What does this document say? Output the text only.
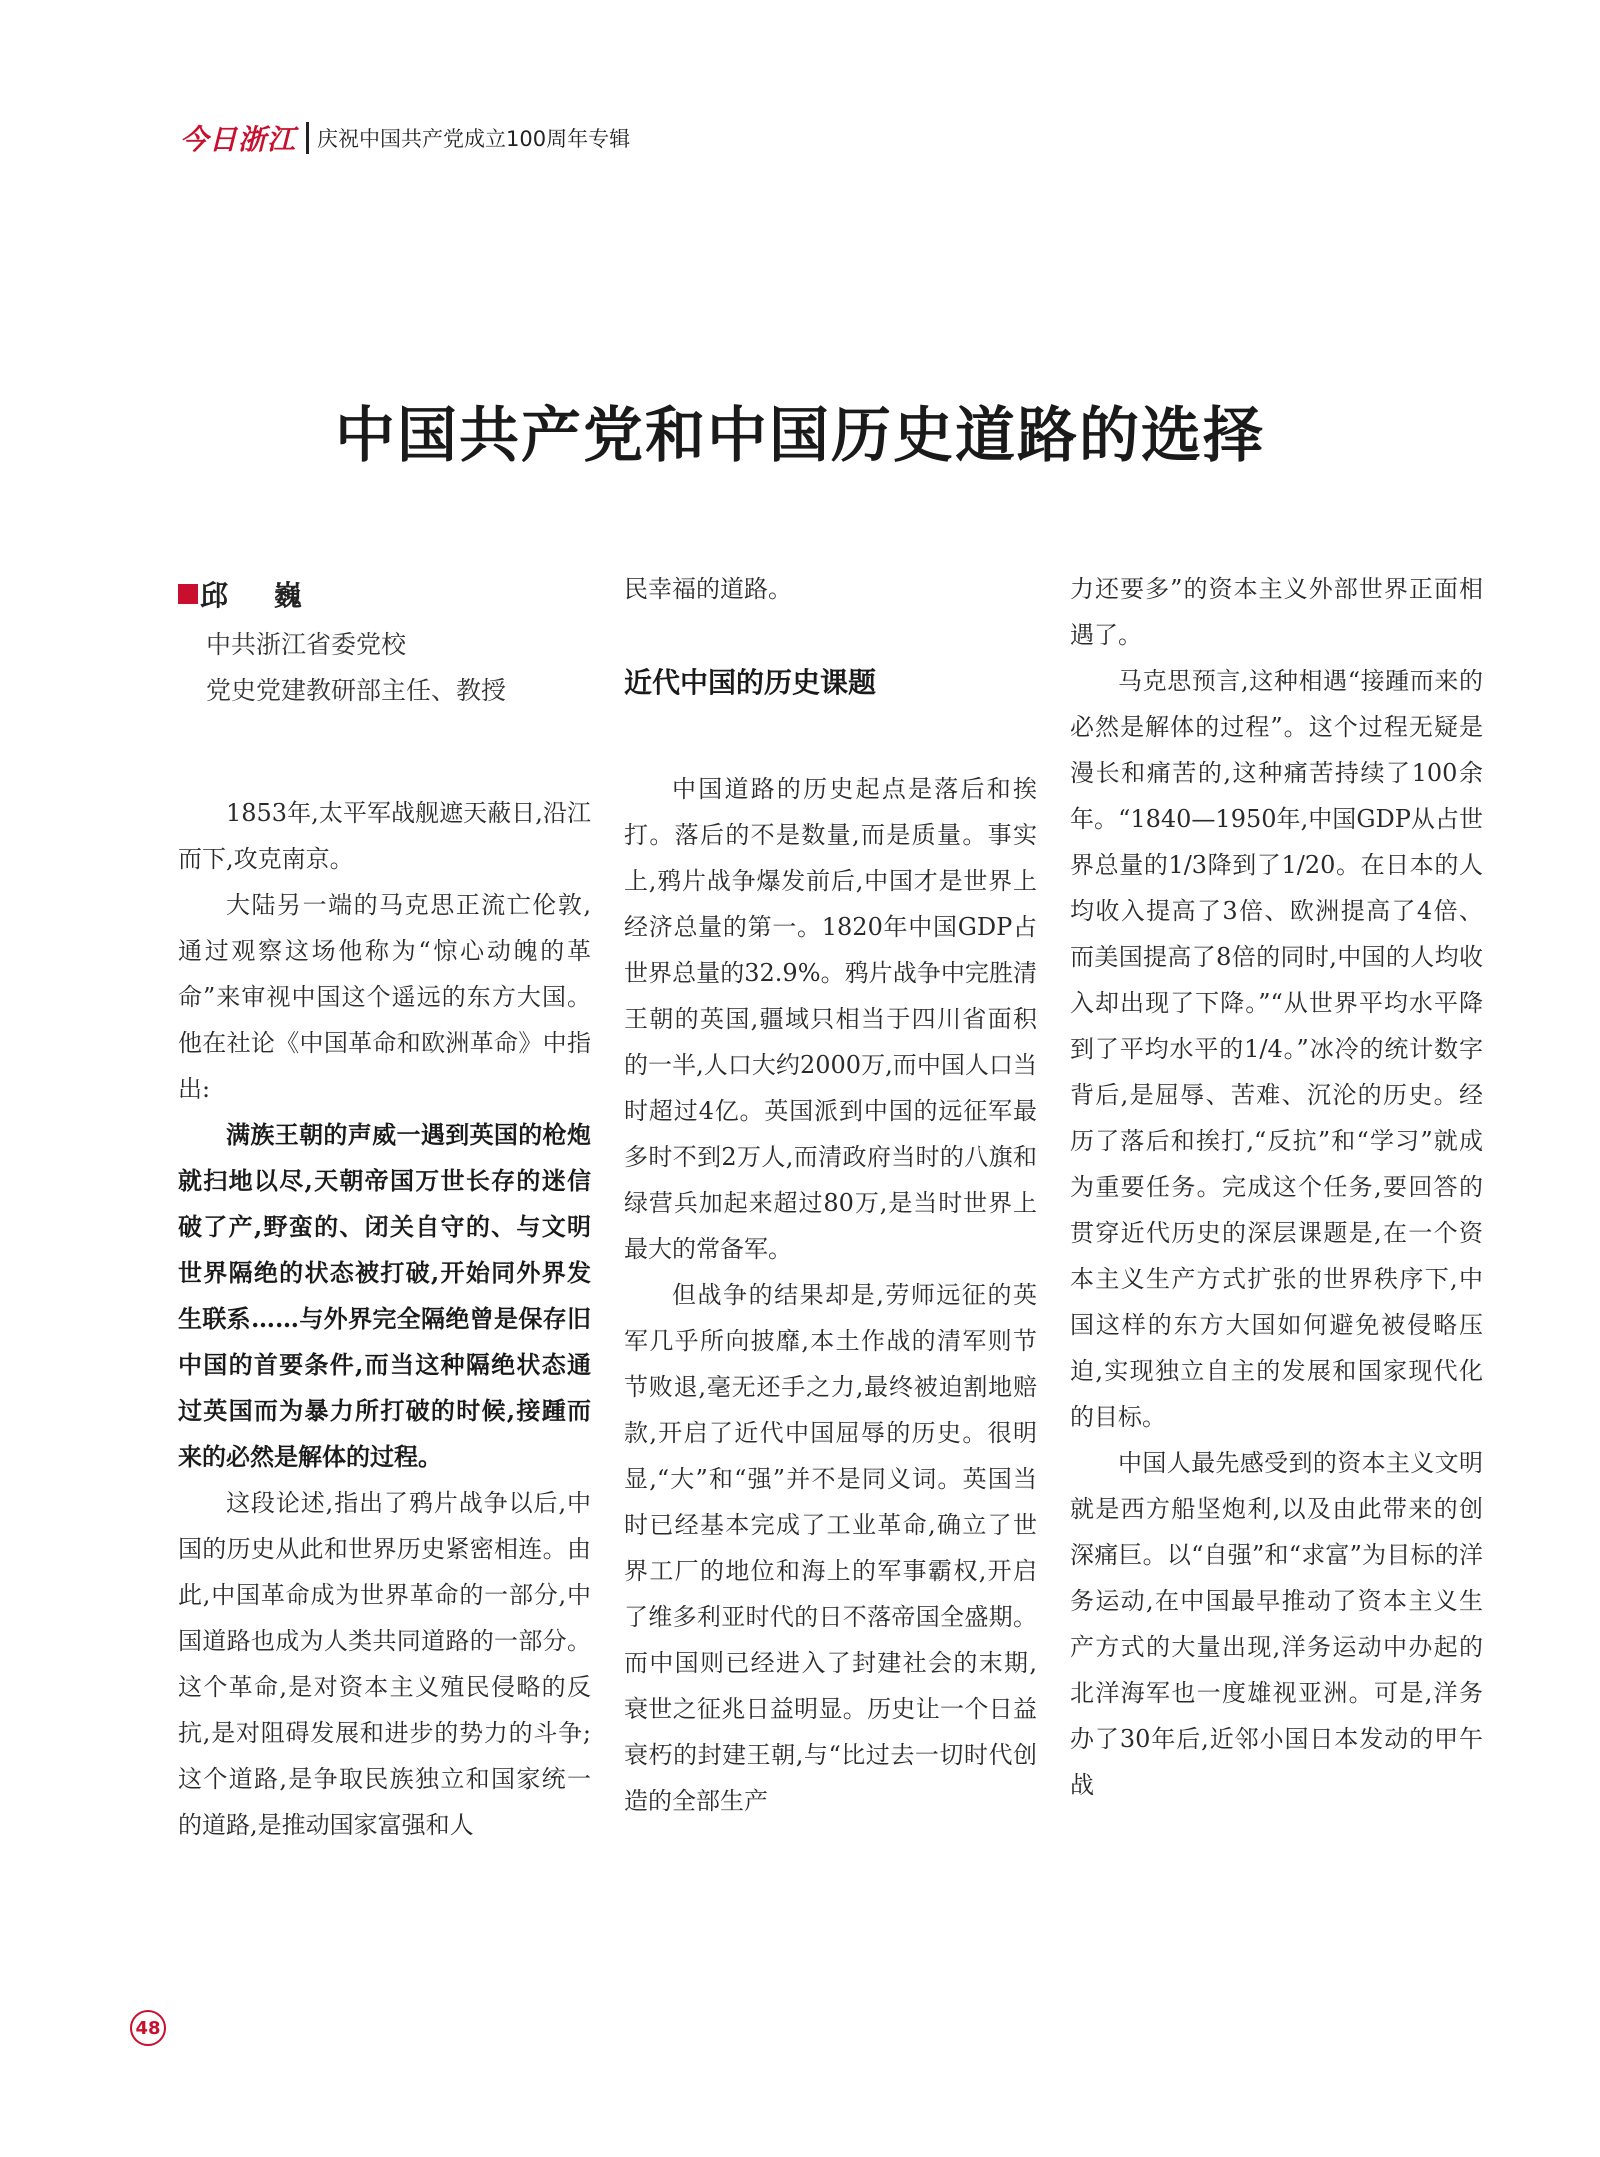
今日浙江 庆祝中国共产党成立100周年专辑
中国共产党和中国历史道路的选择
邱 巍
中共浙江省委党校
党史党建教研部主任、教授

1853年,太平军战舰遮天蔽日,沿江而下,攻克南京。

大陆另一端的马克思正流亡伦敦,通过观察这场他称为“惊心动魄的革命”来审视中国这个遥远的东方大国。他在社论《中国革命和欧洲革命》中指出:

满族王朝的声威一遇到英国的枪炮就扫地以尽,天朝帝国万世长存的迷信破了产,野蛮的、闭关自守的、与文明世界隔绝的状态被打破,开始同外界发生联系……与外界完全隔绝曾是保存旧中国的首要条件,而当这种隔绝状态通过英国而为暴力所打破的时候,接踵而来的必然是解体的过程。

这段论述,指出了鸦片战争以后,中国的历史从此和世界历史紧密相连。由此,中国革命成为世界革命的一部分,中国道路也成为人类共同道路的一部分。这个革命,是对资本主义殖民侵略的反抗,是对阻碍发展和进步的势力的斗争;这个道路,是争取民族独立和国家统一的道路,是推动国家富强和人

民幸福的道路。

近代中国的历史课题

中国道路的历史起点是落后和挨打。落后的不是数量,而是质量。事实上,鸦片战争爆发前后,中国才是世界上经济总量的第一。1820年中国GDP占世界总量的32.9%。鸦片战争中完胜清王朝的英国,疆域只相当于四川省面积的一半,人口大约2000万,而中国人口当时超过4亿。英国派到中国的远征军最多时不到2万人,而清政府当时的八旗和绿营兵加起来超过80万,是当时世界上最大的常备军。

但战争的结果却是,劳师远征的英军几乎所向披靡,本土作战的清军则节节败退,毫无还手之力,最终被迫割地赔款,开启了近代中国屈辱的历史。很明显,“大”和“强”并不是同义词。英国当时已经基本完成了工业革命,确立了世界工厂的地位和海上的军事霸权,开启了维多利亚时代的日不落帝国全盛期。而中国则已经进入了封建社会的末期,衰世之征兆日益明显。历史让一个日益衰朽的封建王朝,与“比过去一切时代创造的全部生产

力还要多”的资本主义外部世界正面相遇了。

马克思预言,这种相遇“接踵而来的必然是解体的过程”。这个过程无疑是漫长和痛苦的,这种痛苦持续了100余年。“1840—1950年,中国GDP从占世界总量的1/3降到了1/20。在日本的人均收入提高了3倍、欧洲提高了4倍、而美国提高了8倍的同时,中国的人均收入却出现了下降。”“从世界平均水平降到了平均水平的1/4。”冰冷的统计数字背后,是屈辱、苦难、沉沦的历史。经历了落后和挨打,“反抗”和“学习”就成为重要任务。完成这个任务,要回答的贯穿近代历史的深层课题是,在一个资本主义生产方式扩张的世界秩序下,中国这样的东方大国如何避免被侵略压迫,实现独立自主的发展和国家现代化的目标。

中国人最先感受到的资本主义文明就是西方船坚炮利,以及由此带来的创深痛巨。以“自强”和“求富”为目标的洋务运动,在中国最早推动了资本主义生产方式的大量出现,洋务运动中办起的北洋海军也一度雄视亚洲。可是,洋务办了30年后,近邻小国日本发动的甲午战

48
